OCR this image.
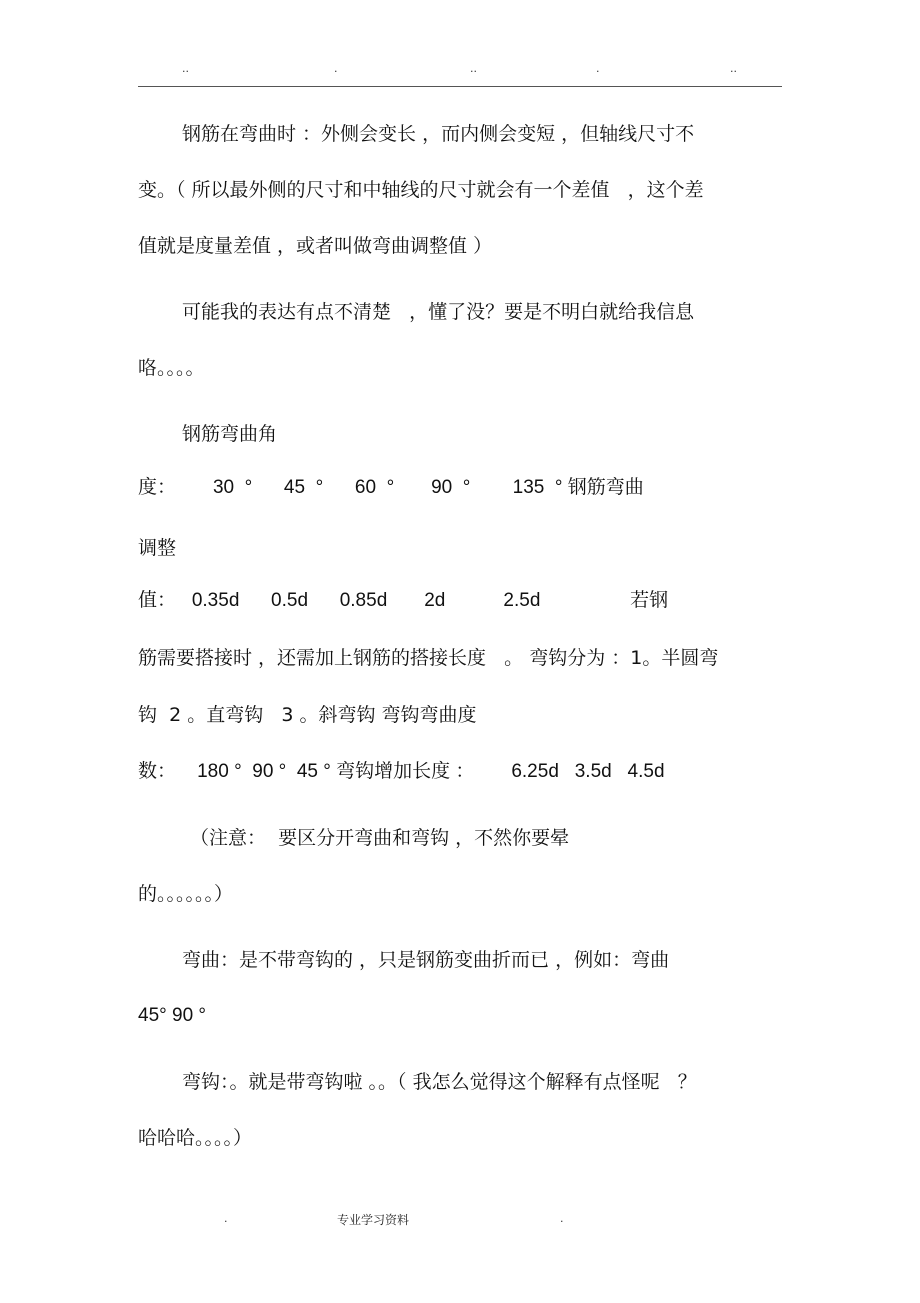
..	.	..	.	..
钢筋在弯曲时 ：外侧会变长 ，而内侧会变短 ，但轴线尺寸不
变。（ 所以最外侧的尺寸和中轴线的尺寸就会有一个差值   ，这个差
值就是度量差值 ，或者叫做弯曲调整值 ）
可能我的表达有点不清楚   ，懂了没？要是不明白就给我信息
咯。。。。
钢筋弯曲角
度：       30  °      45  °      60  °       90  °        135  ° 钢筋弯曲
调整
值：   0.35d      0.5d      0.85d       2d           2.5d                 若钢
筋需要搭接时 ，还需加上钢筋的搭接长度   。 弯钩分为 ：1。半圆弯
钩  2 。直弯钩   3 。斜弯钩 弯钩弯曲度
数：    180 °  90 °  45 ° 弯钩增加长度 ：       6.25d   3.5d   4.5d
（注意：  要区分开弯曲和弯钩 ，不然你要晕
的。。。。。。）
弯曲：是不带弯钩的 ，只是钢筋变曲折而已 ，例如：弯曲
45° 90 °
弯钩：。就是带弯钩啦 。。（ 我怎么觉得这个解释有点怪呢   ？
哈哈哈。。。。）
.	专业学习资料	.
